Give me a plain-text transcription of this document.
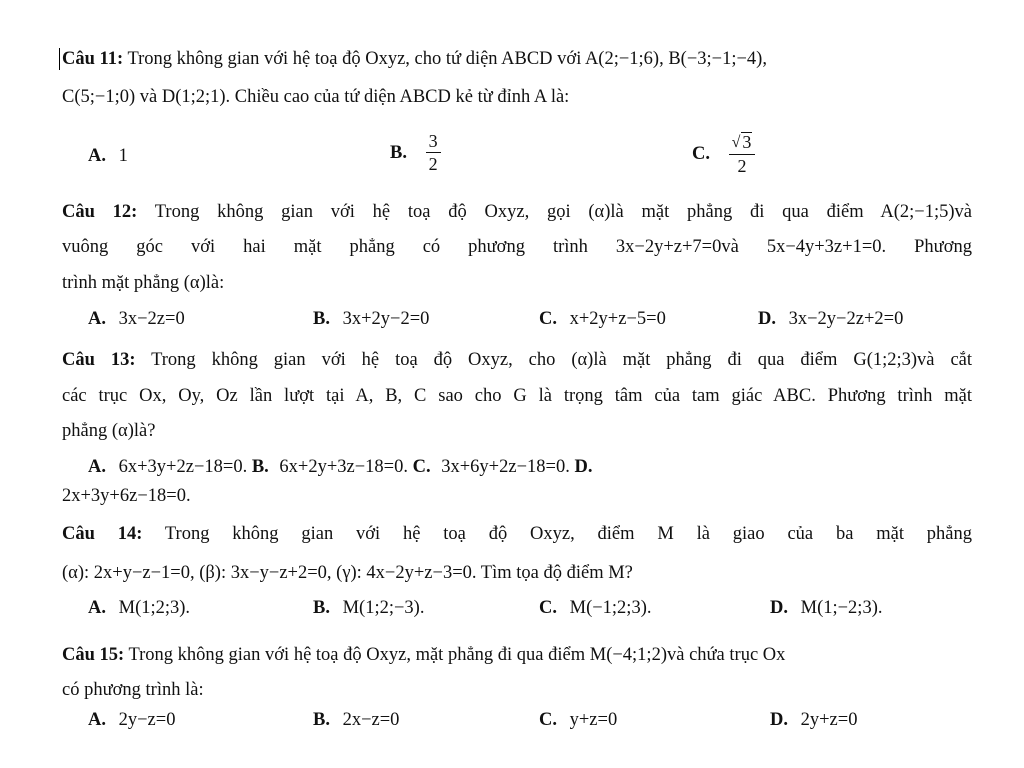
Câu 11: Trong không gian với hệ toạ độ Oxyz, cho tứ diện ABCD với A(2;−1;6), B(−3;−1;−4),
C(5;−1;0) và D(1;2;1). Chiều cao của tứ diện ABCD kẻ từ đỉnh A là:
A. 1	B. $\frac{3}{2}$	C. $\frac{√ 3}{2}$
Câu 12: Trong không gian với hệ toạ độ Oxyz, gọi (α)là mặt phẳng đi qua điểm A(2;−1;5)và
vuông góc với hai mặt phẳng có phương trình 3x−2y+z+7=0và 5x−4y+3z+1=0. Phương
trình mặt phẳng (α)là:
A. 3x−2z=0	B. 3x+2y−2=0	C. x+2y+z−5=0	D. 3x−2y−2z+2=0
Câu 13: Trong không gian với hệ toạ độ Oxyz, cho (α)là mặt phẳng đi qua điểm G(1;2;3)và cắt
các trục Ox, Oy, Oz lần lượt tại A, B, C sao cho G là trọng tâm của tam giác ABC. Phương trình mặt
phẳng (α)là?
A. 6x+3y+2z−18=0. B. 6x+2y+3z−18=0. C. 3x+6y+2z−18=0. D.
2x+3y+6z−18=0.
Câu 14: Trong không gian với hệ toạ độ Oxyz, điểm M là giao của ba mặt phẳng
(α): 2x+y−z−1=0, (β): 3x−y−z+2=0, (γ): 4x−2y+z−3=0. Tìm tọa độ điểm M?
A. M(1;2;3).	B. M(1;2;−3).	C. M(−1;2;3).	D. M(1;−2;3).
Câu 15: Trong không gian với hệ toạ độ Oxyz, mặt phẳng đi qua điểm M(−4;1;2)và chứa trục Ox
có phương trình là:
A. 2y−z=0	B. 2x−z=0	C. y+z=0	D. 2y+z=0
